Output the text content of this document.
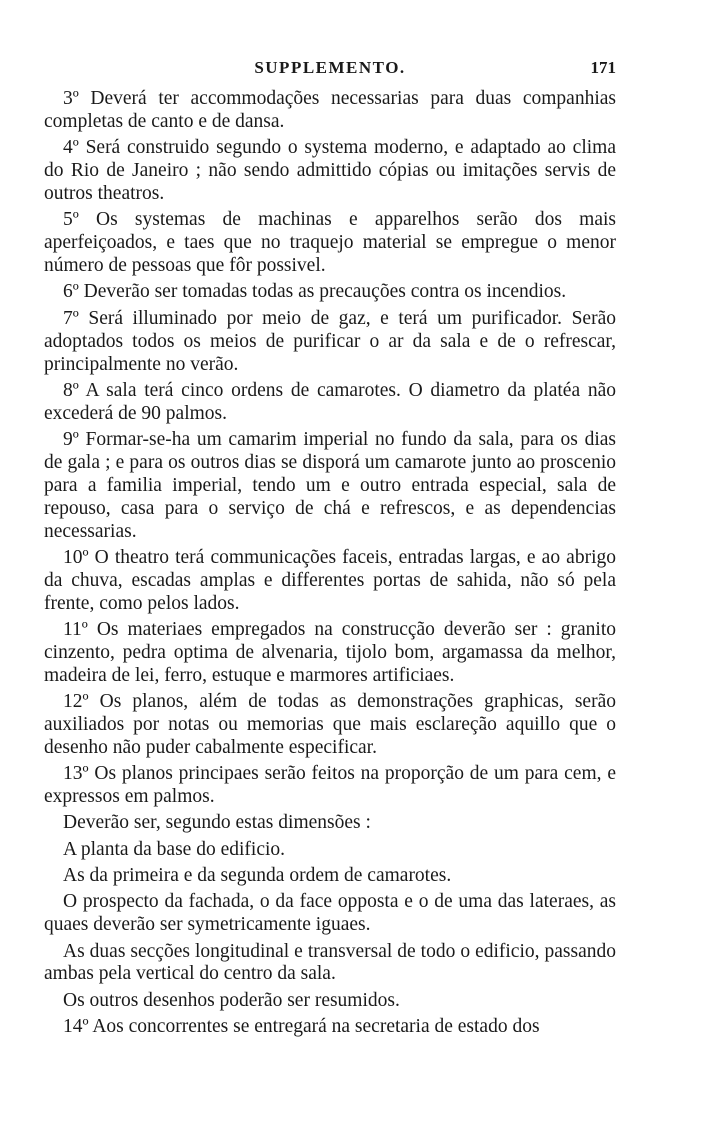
SUPPLEMENTO.	171

3º Deverá ter accommodações necessarias para duas companhias completas de canto e de dansa.

4º Será construido segundo o systema moderno, e adaptado ao clima do Rio de Janeiro ; não sendo admittido cópias ou imitações servis de outros theatros.

5º Os systemas de machinas e apparelhos serão dos mais aperfeiçoados, e taes que no traquejo material se empregue o menor número de pessoas que fôr possivel.

6º Deverão ser tomadas todas as precauções contra os incendios.

7º Será illuminado por meio de gaz, e terá um purificador. Serão adoptados todos os meios de purificar o ar da sala e de o refrescar, principalmente no verão.

8º A sala terá cinco ordens de camarotes. O diametro da platéa não excederá de 90 palmos.

9º Formar-se-ha um camarim imperial no fundo da sala, para os dias de gala ; e para os outros dias se disporá um camarote junto ao proscenio para a familia imperial, tendo um e outro entrada especial, sala de repouso, casa para o serviço de chá e refrescos, e as dependencias necessarias.

10º O theatro terá communicações faceis, entradas largas, e ao abrigo da chuva, escadas amplas e differentes portas de sahida, não só pela frente, como pelos lados.

11º Os materiaes empregados na construcção deverão ser : granito cinzento, pedra optima de alvenaria, tijolo bom, argamassa da melhor, madeira de lei, ferro, estuque e marmores artificiaes.

12º Os planos, além de todas as demonstrações graphicas, serão auxiliados por notas ou memorias que mais esclareção aquillo que o desenho não puder cabalmente especificar.

13º Os planos principaes serão feitos na proporção de um para cem, e expressos em palmos.

Deverão ser, segundo estas dimensões :

A planta da base do edificio.

As da primeira e da segunda ordem de camarotes.

O prospecto da fachada, o da face opposta e o de uma das lateraes, as quaes deverão ser symetricamente iguaes.

As duas secções longitudinal e transversal de todo o edificio, passando ambas pela vertical do centro da sala.

Os outros desenhos poderão ser resumidos.

14º Aos concorrentes se entregará na secretaria de estado dos
